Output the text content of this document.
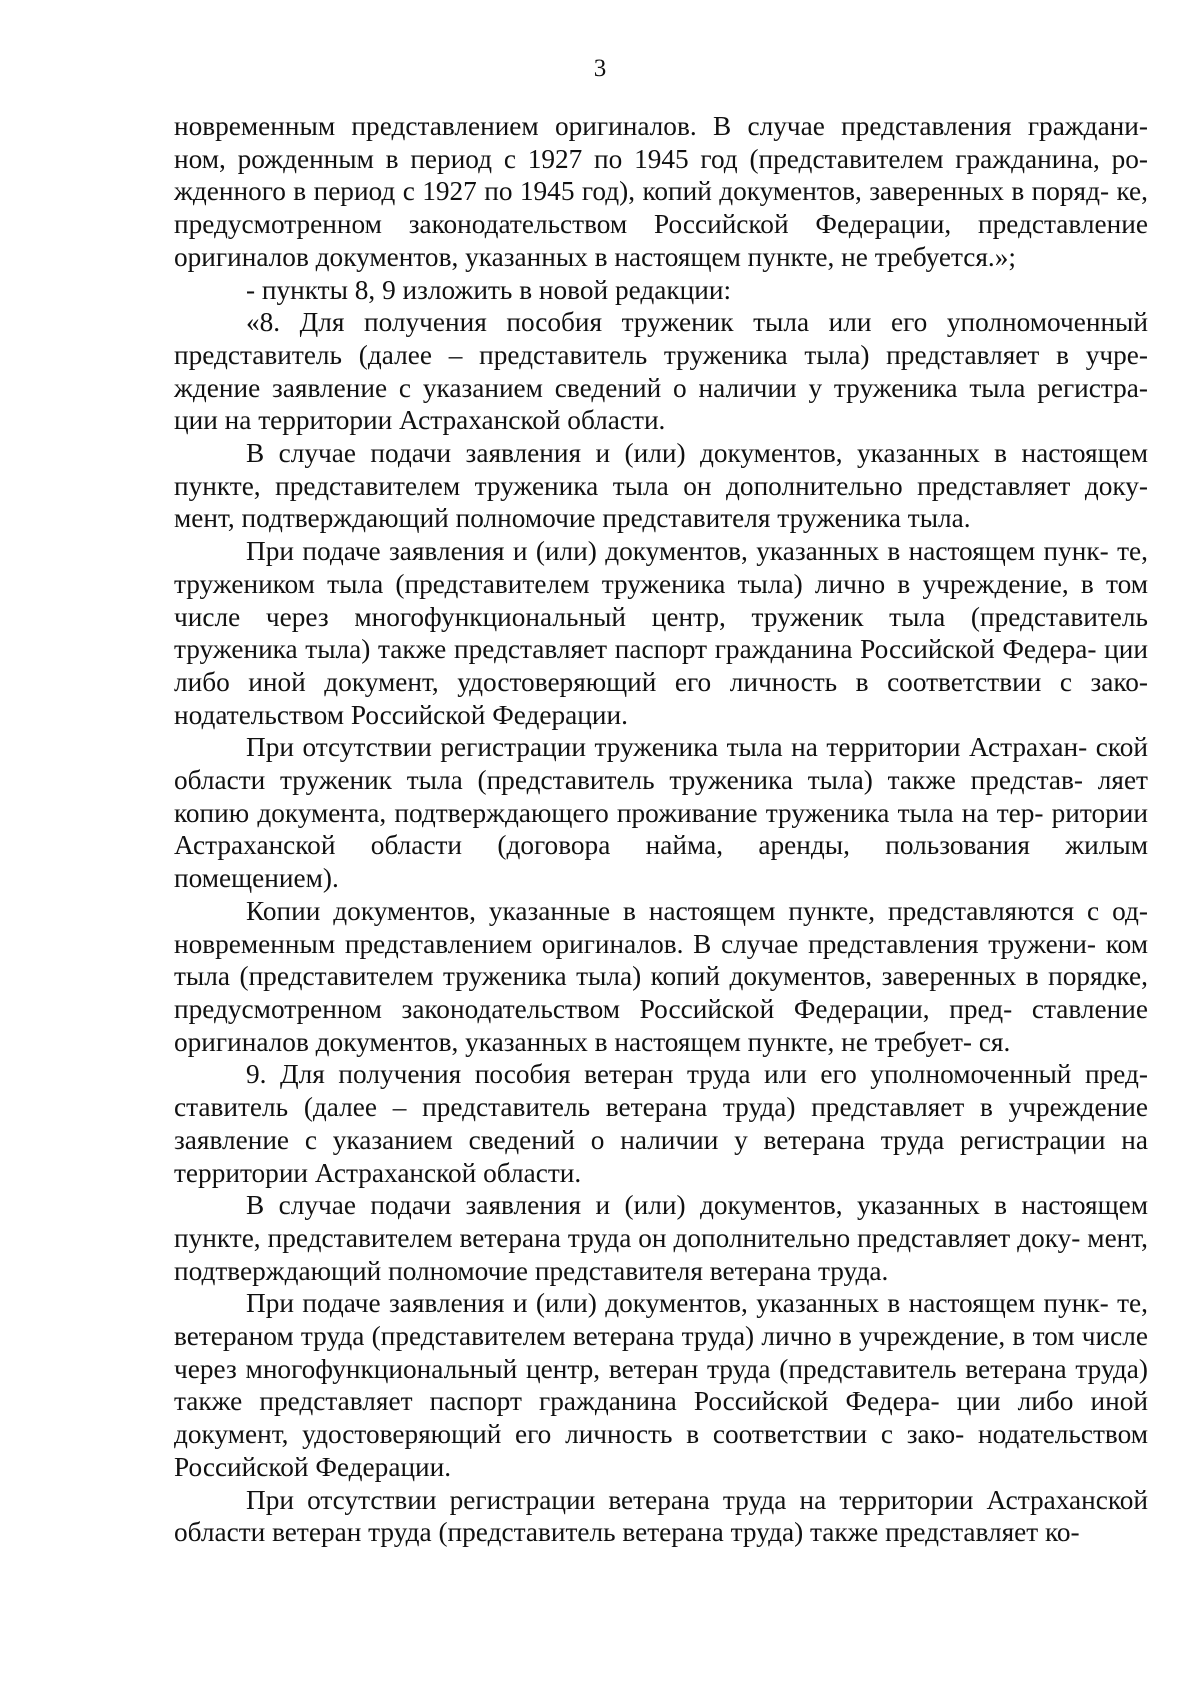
3

новременным представлением оригиналов. В случае представления граждани- ном, рожденным в период с 1927 по 1945 год (представителем гражданина, ро- жденного в период с 1927 по 1945 год), копий документов, заверенных в поряд- ке, предусмотренном законодательством Российской Федерации, представление оригиналов документов, указанных в настоящем пункте, не требуется.»;

- пункты 8, 9 изложить в новой редакции:

«8. Для получения пособия труженик тыла или его уполномоченный представитель (далее – представитель труженика тыла) представляет в учре- ждение заявление с указанием сведений о наличии у труженика тыла регистра- ции на территории Астраханской области.

В случае подачи заявления и (или) документов, указанных в настоящем пункте, представителем труженика тыла он дополнительно представляет доку- мент, подтверждающий полномочие представителя труженика тыла.

При подаче заявления и (или) документов, указанных в настоящем пунк- те, тружеником тыла (представителем труженика тыла) лично в учреждение, в том числе через многофункциональный центр, труженик тыла (представитель труженика тыла) также представляет паспорт гражданина Российской Федера- ции либо иной документ, удостоверяющий его личность в соответствии с зако- нодательством Российской Федерации.

При отсутствии регистрации труженика тыла на территории Астрахан- ской области труженик тыла (представитель труженика тыла) также представ- ляет копию документа, подтверждающего проживание труженика тыла на тер- ритории Астраханской области (договора найма, аренды, пользования жилым помещением).

Копии документов, указанные в настоящем пункте, представляются с од- новременным представлением оригиналов. В случае представления тружени- ком тыла (представителем труженика тыла) копий документов, заверенных в порядке, предусмотренном законодательством Российской Федерации, пред- ставление оригиналов документов, указанных в настоящем пункте, не требует- ся.

9. Для получения пособия ветеран труда или его уполномоченный пред- ставитель (далее – представитель ветерана труда) представляет в учреждение заявление с указанием сведений о наличии у ветерана труда регистрации на территории Астраханской области.

В случае подачи заявления и (или) документов, указанных в настоящем пункте, представителем ветерана труда он дополнительно представляет доку- мент, подтверждающий полномочие представителя ветерана труда.

При подаче заявления и (или) документов, указанных в настоящем пунк- те, ветераном труда (представителем ветерана труда) лично в учреждение, в том числе через многофункциональный центр, ветеран труда (представитель ветерана труда) также представляет паспорт гражданина Российской Федера- ции либо иной документ, удостоверяющий его личность в соответствии с зако- нодательством Российской Федерации.

При отсутствии регистрации ветерана труда на территории Астраханской области ветеран труда (представитель ветерана труда) также представляет ко-
